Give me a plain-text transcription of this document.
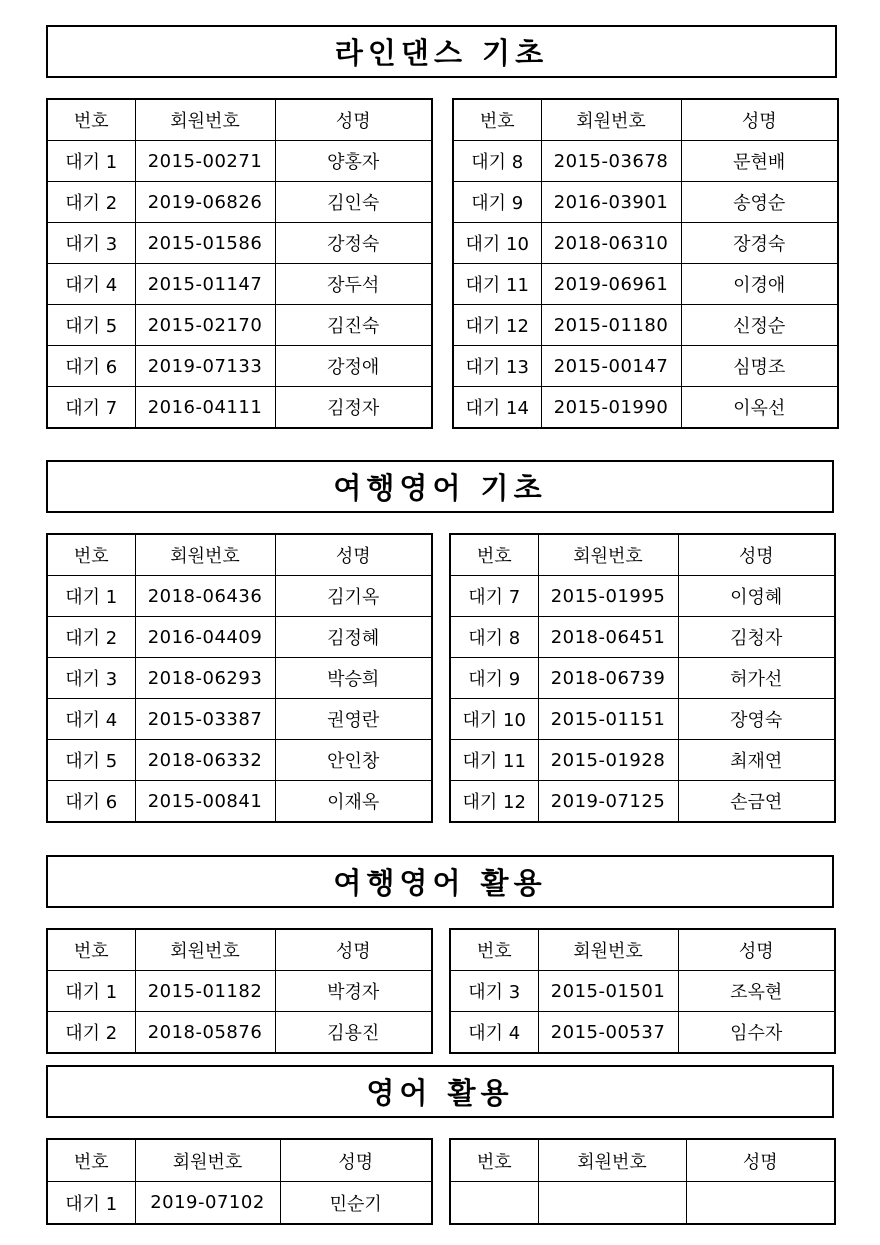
라인댄스 기초
번호	회원번호	성명
대기 1	2015-00271	양홍자
대기 2	2019-06826	김인숙
대기 3	2015-01586	강정숙
대기 4	2015-01147	장두석
대기 5	2015-02170	김진숙
대기 6	2019-07133	강정애
대기 7	2016-04111	김정자
번호	회원번호	성명
대기 8	2015-03678	문현배
대기 9	2016-03901	송영순
대기 10	2018-06310	장경숙
대기 11	2019-06961	이경애
대기 12	2015-01180	신정순
대기 13	2015-00147	심명조
대기 14	2015-01990	이옥선
여행영어 기초
번호	회원번호	성명
대기 1	2018-06436	김기옥
대기 2	2016-04409	김정혜
대기 3	2018-06293	박승희
대기 4	2015-03387	권영란
대기 5	2018-06332	안인창
대기 6	2015-00841	이재옥
번호	회원번호	성명
대기 7	2015-01995	이영혜
대기 8	2018-06451	김청자
대기 9	2018-06739	허가선
대기 10	2015-01151	장영숙
대기 11	2015-01928	최재연
대기 12	2019-07125	손금연
여행영어 활용
번호	회원번호	성명
대기 1	2015-01182	박경자
대기 2	2018-05876	김용진
번호	회원번호	성명
대기 3	2015-01501	조옥현
대기 4	2015-00537	임수자
영어 활용
번호	회원번호	성명
대기 1	2019-07102	민순기
번호	회원번호	성명
